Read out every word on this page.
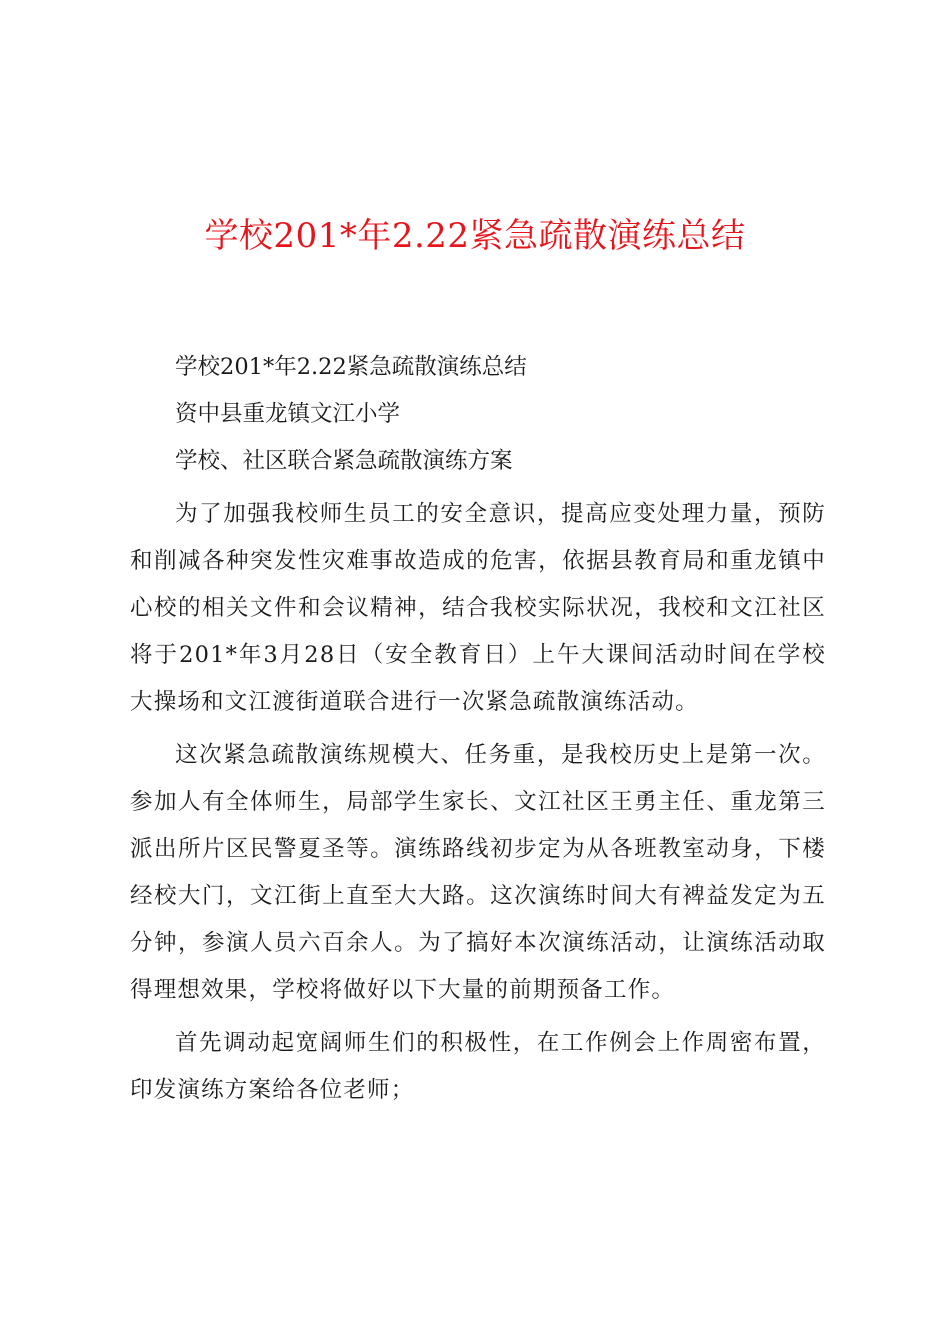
学校201*年2.22紧急疏散演练总结

学校201*年2.22紧急疏散演练总结

资中县重龙镇文江小学

学校、社区联合紧急疏散演练方案

为了加强我校师生员工的安全意识，提高应变处理力量，预防和削减各种突发性灾难事故造成的危害，依据县教育局和重龙镇中心校的相关文件和会议精神，结合我校实际状况，我校和文江社区将于201*年3月28日（安全教育日）上午大课间活动时间在学校大操场和文江渡街道联合进行一次紧急疏散演练活动。

这次紧急疏散演练规模大、任务重，是我校历史上是第一次。参加人有全体师生，局部学生家长、文江社区王勇主任、重龙第三派出所片区民警夏圣等。演练路线初步定为从各班教室动身，下楼经校大门，文江街上直至大大路。这次演练时间大有裨益发定为五分钟，参演人员六百余人。为了搞好本次演练活动，让演练活动取得理想效果，学校将做好以下大量的前期预备工作。

首先调动起宽阔师生们的积极性，在工作例会上作周密布置，印发演练方案给各位老师；
